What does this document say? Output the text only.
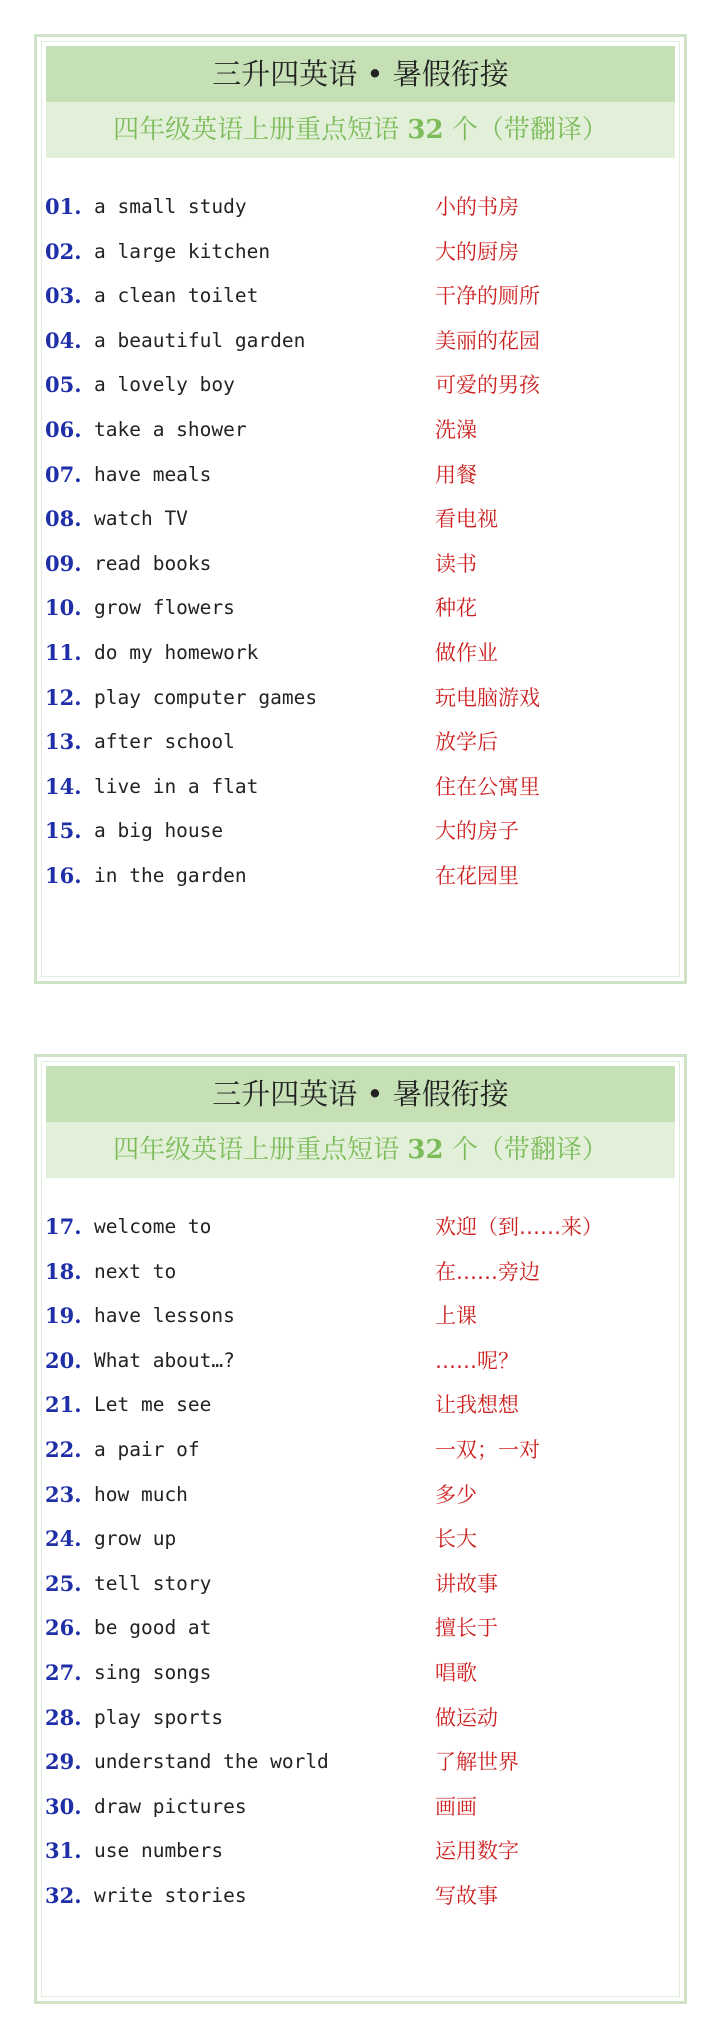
三升四英语 • 暑假衔接
四年级英语上册重点短语 32 个（带翻译）
01. a small study	小的书房
02. a large kitchen	大的厨房
03. a clean toilet	干净的厕所
04. a beautiful garden	美丽的花园
05. a lovely boy	可爱的男孩
06. take a shower	洗澡
07. have meals	用餐
08. watch TV	看电视
09. read books	读书
10. grow flowers	种花
11. do my homework	做作业
12. play computer games	玩电脑游戏
13. after school	放学后
14. live in a flat	住在公寓里
15. a big house	大的房子
16. in the garden	在花园里
三升四英语 • 暑假衔接
四年级英语上册重点短语 32 个（带翻译）
17. welcome to	欢迎（到……来）
18. next to	在……旁边
19. have lessons	上课
20. What about…?	……呢？
21. Let me see	让我想想
22. a pair of	一双；一对
23. how much	多少
24. grow up	长大
25. tell story	讲故事
26. be good at	擅长于
27. sing songs	唱歌
28. play sports	做运动
29. understand the world	了解世界
30. draw pictures	画画
31. use numbers	运用数字
32. write stories	写故事
